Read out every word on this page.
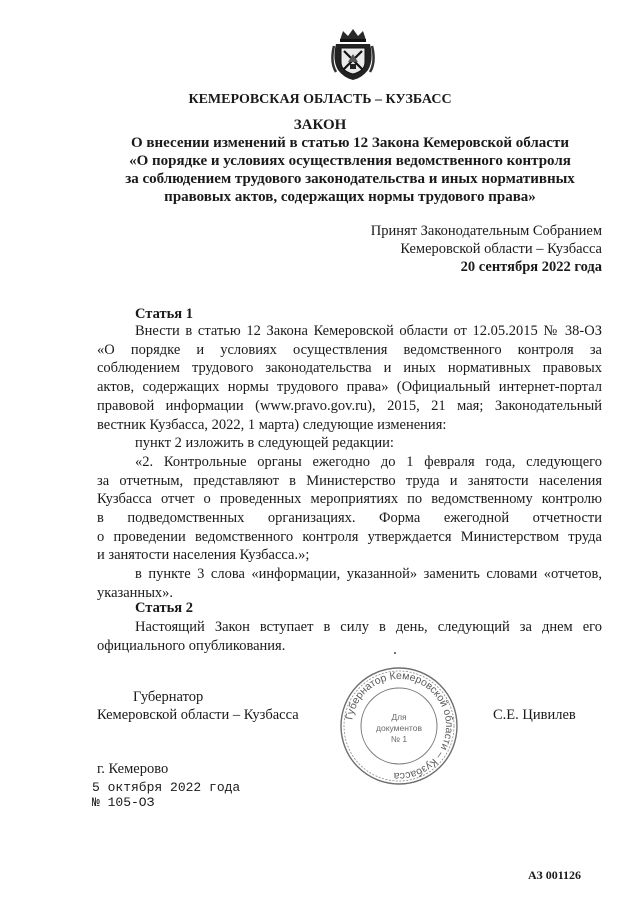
КЕМЕРОВСКАЯ ОБЛАСТЬ – КУЗБАСС
ЗАКОН
О внесении изменений в статью 12 Закона Кемеровской области
«О порядке и условиях осуществления ведомственного контроля
за соблюдением трудового законодательства и иных нормативных
правовых актов, содержащих нормы трудового права»
Принят Законодательным Собранием
Кемеровской области – Кузбасса
20 сентября 2022 года
Статья 1

Внести в статью 12 Закона Кемеровской области от 12.05.2015 № 38-ОЗ

«О порядке и условиях осуществления ведомственного контроля за

соблюдением трудового законодательства и иных нормативных правовых

актов, содержащих нормы трудового права» (Официальный интернет-портал

правовой информации (www.pravo.gov.ru), 2015, 21 мая; Законодательный

вестник Кузбасса, 2022, 1 марта) следующие изменения:

пункт 2 изложить в следующей редакции:

«2. Контрольные органы ежегодно до 1 февраля года, следующего

за отчетным, представляют в Министерство труда и занятости населения

Кузбасса отчет о проведенных мероприятиях по ведомственному контролю

в подведомственных организациях. Форма ежегодной отчетности

о проведении ведомственного контроля утверждается Министерством труда

и занятости населения Кузбасса.»;

в пункте 3 слова «информации, указанной» заменить словами «отчетов,

указанных».

Статья 2

Настоящий Закон вступает в силу в день, следующий за днем его

официального опубликования.

Губернатор
Кемеровской области – Кузбасса	С.Е. Цивилев
Губернатор Кемеровской области – Кузбасса
Для
документов
№ 1
г. Кемерово
5 октября 2022 года
№ 105-ОЗ
АЗ 001126
